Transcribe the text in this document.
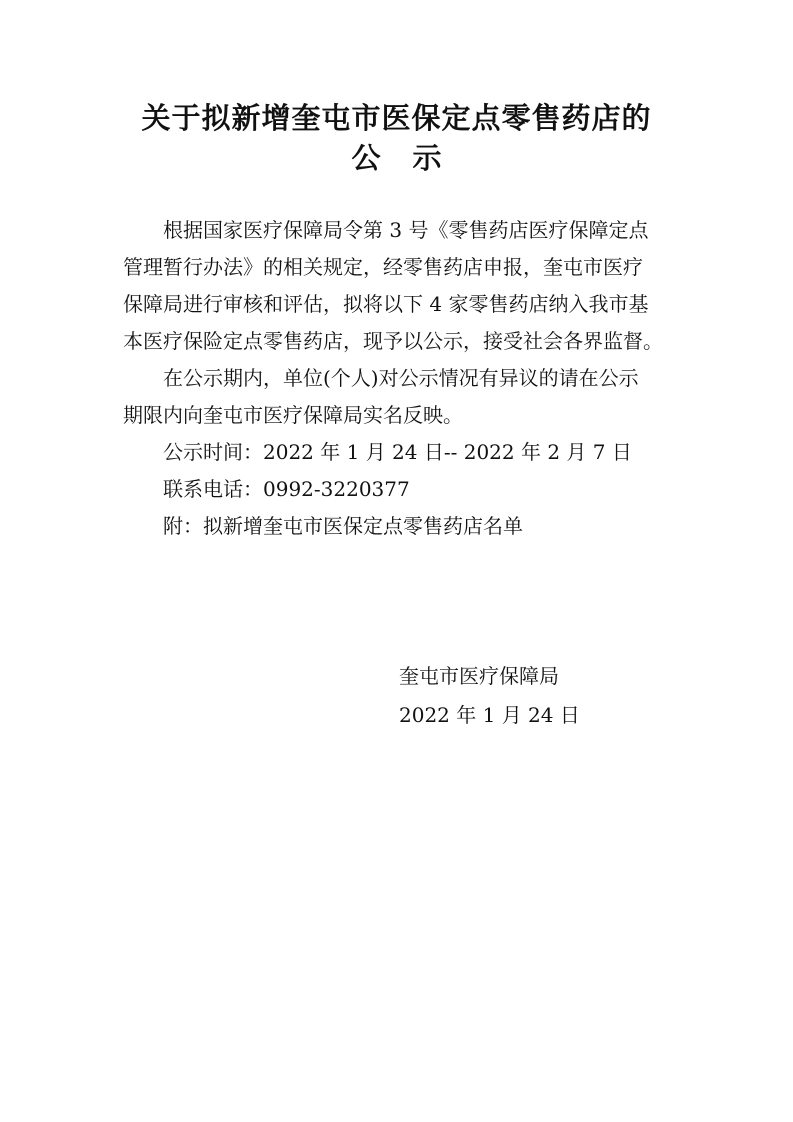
关于拟新增奎屯市医保定点零售药店的
公示
根据国家医疗保障局令第 3 号《零售药店医疗保障定点
管理暂行办法》的相关规定，经零售药店申报，奎屯市医疗
保障局进行审核和评估，拟将以下 4 家零售药店纳入我市基
本医疗保险定点零售药店，现予以公示，接受社会各界监督。
在公示期内，单位(个人)对公示情况有异议的请在公示
期限内向奎屯市医疗保障局实名反映。
公示时间：2022 年 1 月 24 日-- 2022 年 2 月 7 日
联系电话：0992-3220377
附：拟新增奎屯市医保定点零售药店名单
奎屯市医疗保障局
2022 年 1 月 24 日
